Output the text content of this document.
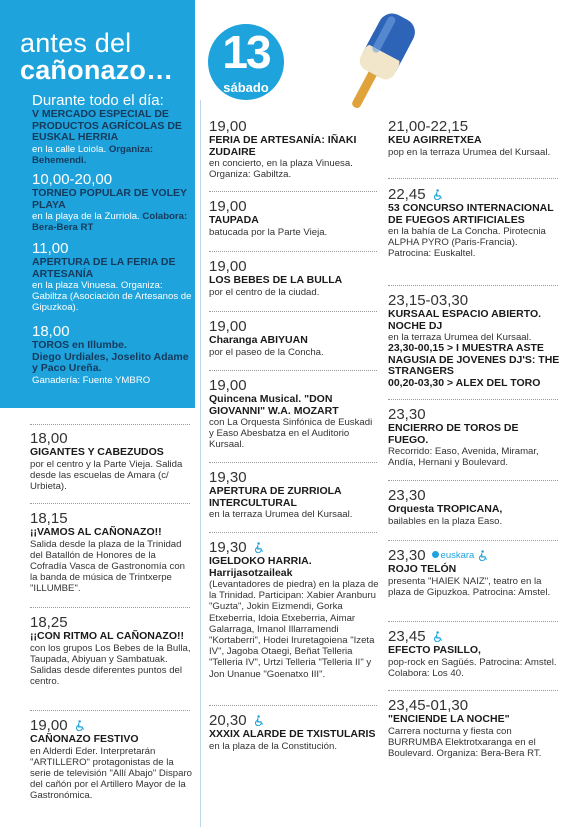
antes del
cañonazo…	13
sábado
Durante todo el día:
V MERCADO ESPECIAL DE PRODUCTOS AGRÍCOLAS DE EUSKAL HERRIA
en la calle Loiola. Organiza: Behemendi.
10,00-20,00
TORNEO POPULAR DE VOLEY PLAYA
en la playa de la Zurriola. Colabora: Bera-Bera RT
11,00
APERTURA DE LA FERIA DE ARTESANÍA
en la plaza Vinuesa. Organiza: Gabiltza (Asociación de Artesanos de Gipuzkoa).
18,00
TOROS en Illumbe.
Diego Urdiales, Joselito Adame y Paco Ureña.
Ganadería: Fuente YMBRO
18,00
GIGANTES Y CABEZUDOS
por el centro y la Parte Vieja. Salida desde las escuelas de Amara (c/ Urbieta).
18,15
¡¡VAMOS AL CAÑONAZO!!
Salida desde la plaza de la Trinidad del Batallón de Honores de la Cofradía Vasca de Gastronomía con la banda de música de Trintxerpe "ILLUMBE".
18,25
¡¡CON RITMO AL CAÑONAZO!!
con los grupos Los Bebes de la Bulla, Taupada, Abiyuan y Sambatuak. Salidas desde diferentes puntos del centro.
19,00
CAÑONAZO FESTIVO
en Alderdi Eder. Interpretarán "ARTILLERO" protagonistas de la serie de televisión "Allí Abajo" Disparo del cañón por el Artillero Mayor de la Gastronómica.
19,00
FERIA DE ARTESANÍA: IÑAKI ZUDAIRE
en concierto, en la plaza Vinuesa. Organiza: Gabiltza.
19,00
TAUPADA
batucada por la Parte Vieja.
19,00
LOS BEBES DE LA BULLA
por el centro de la ciudad.
19,00
Charanga ABIYUAN
por el paseo de la Concha.
19,00
Quincena Musical. "DON GIOVANNI" W.A. MOZART
con La Orquesta Sinfónica de Euskadi y Easo Abesbatza en el Auditorio Kursaal.
19,30
APERTURA DE ZURRIOLA INTERCULTURAL
en la terraza Urumea del Kursaal.
19,30
IGELDOKO HARRIA.
Harrijasotzaileak
(Levantadores de piedra) en la plaza de la Trinidad. Participan: Xabier Aranburu "Guzta", Jokin Eizmendi, Gorka Etxeberria, Idoia Etxeberria, Aimar Galarraga, Imanol Illarramendi "Kortaberri", Hodei Iruretagoiena "Izeta IV", Jagoba Otaegi, Beñat Telleria "Telleria IV", Urtzi Telleria "Telleria II" y Jon Unanue "Goenatxo III".
20,30
XXXIX ALARDE DE TXISTULARIS
en la plaza de la Constitución.
21,00-22,15
KEU AGIRRETXEA
pop en la terraza Urumea del Kursaal.
22,45
53 CONCURSO INTERNACIONAL DE FUEGOS ARTIFICIALES
en la bahía de La Concha. Pirotecnia ALPHA PYRO (Paris-Francia). Patrocina: Euskaltel.
23,15-03,30
KURSAAL ESPACIO ABIERTO. NOCHE DJ
en la terraza Urumea del Kursaal.
23,30-00,15 > I MUESTRA ASTE NAGUSIA DE JOVENES DJ'S: THE STRANGERS
00,20-03,30 > ALEX DEL TORO
23,30
ENCIERRO DE TOROS DE FUEGO.
Recorrido: Easo, Avenida, Miramar, Andía, Hernani y Boulevard.
23,30
Orquesta TROPICANA,
bailables en la plaza Easo.
23,30 euskara
ROJO TELÓN
presenta "HAIEK NAIZ", teatro en la plaza de Gipuzkoa. Patrocina: Amstel.
23,45
EFECTO PASILLO,
pop-rock en Sagüés. Patrocina: Amstel. Colabora: Los 40.
23,45-01,30
"ENCIENDE LA NOCHE"
Carrera nocturna y fiesta con BURRUMBA Elektrotxaranga en el Boulevard. Organiza: Bera-Bera RT.
